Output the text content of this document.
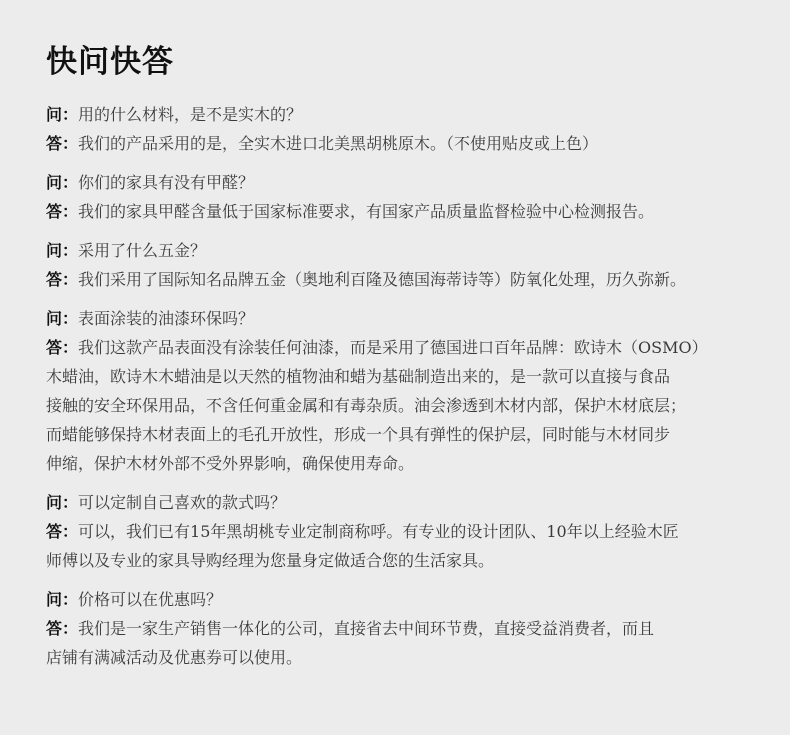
快问快答

问：用的什么材料，是不是实木的？

答：我们的产品采用的是，全实木进口北美黑胡桃原木。（不使用贴皮或上色）

问：你们的家具有没有甲醛？

答：我们的家具甲醛含量低于国家标准要求，有国家产品质量监督检验中心检测报告。

问：采用了什么五金？

答：我们采用了国际知名品牌五金（奥地利百隆及德国海蒂诗等）防氧化处理，历久弥新。

问：表面涂装的油漆环保吗？

答：我们这款产品表面没有涂装任何油漆，而是采用了德国进口百年品牌：欧诗木（OSMO）

木蜡油，欧诗木木蜡油是以天然的植物油和蜡为基础制造出来的，是一款可以直接与食品

接触的安全环保用品，不含任何重金属和有毒杂质。油会渗透到木材内部，保护木材底层；

而蜡能够保持木材表面上的毛孔开放性，形成一个具有弹性的保护层，同时能与木材同步

伸缩，保护木材外部不受外界影响，确保使用寿命。

问：可以定制自己喜欢的款式吗？

答：可以，我们已有15年黑胡桃专业定制商称呼。有专业的设计团队、10年以上经验木匠

师傅以及专业的家具导购经理为您量身定做适合您的生活家具。

问：价格可以在优惠吗？

答：我们是一家生产销售一体化的公司，直接省去中间环节费，直接受益消费者，而且

店铺有满减活动及优惠券可以使用。
